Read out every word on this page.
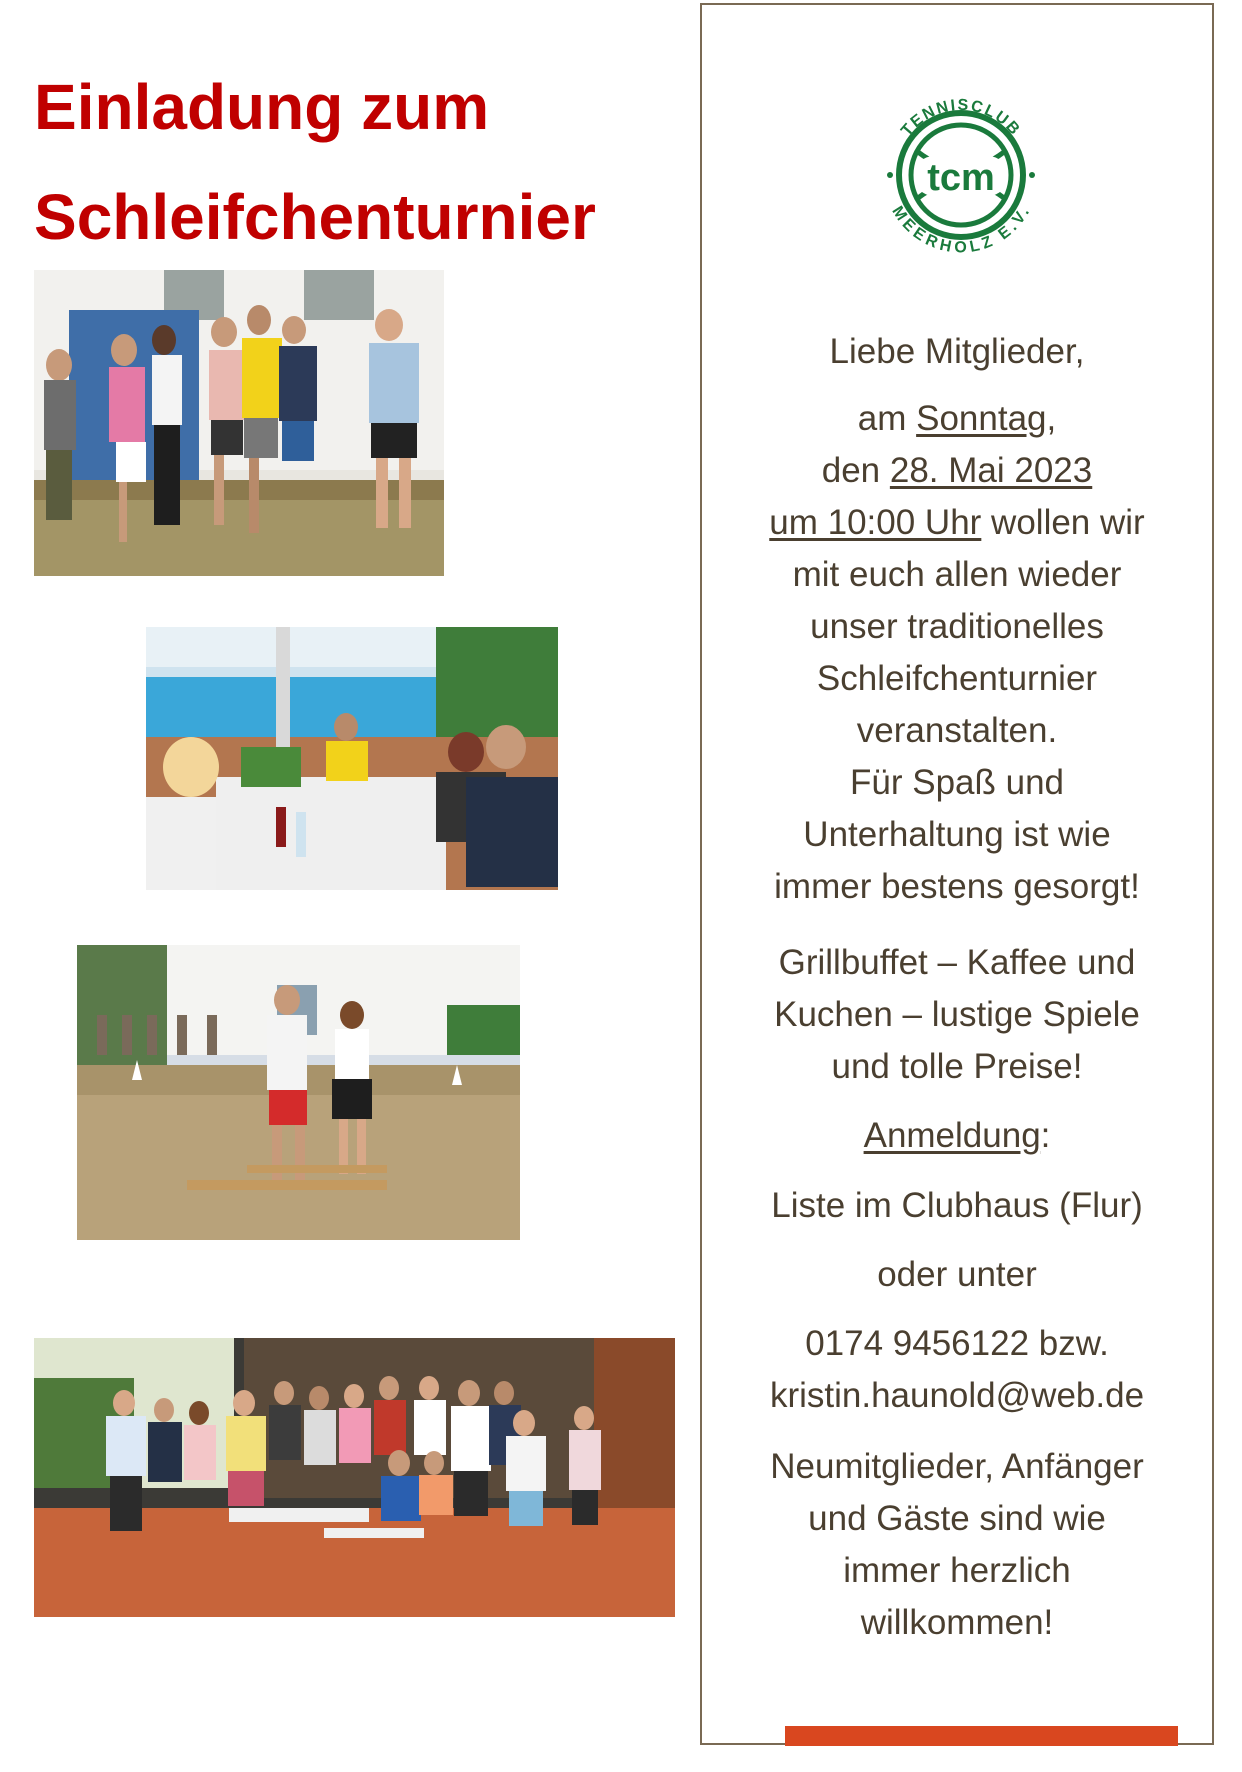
Einladung zum
Schleifchenturnier
tcm
TENNISCLUB
MEERHOLZ E.V.
Liebe Mitglieder,
am Sonntag,
den 28. Mai 2023
um 10:00 Uhr wollen wir
mit euch allen wieder
unser traditionelles
Schleifchenturnier
veranstalten.
Für Spaß und
Unterhaltung ist wie
immer bestens gesorgt!
Grillbuffet – Kaffee und
Kuchen – lustige Spiele
und tolle Preise!
Anmeldung:
Liste im Clubhaus (Flur)
oder unter
0174 9456122 bzw.
kristin.haunold@web.de
Neumitglieder, Anfänger
und Gäste sind wie
immer herzlich
willkommen!
